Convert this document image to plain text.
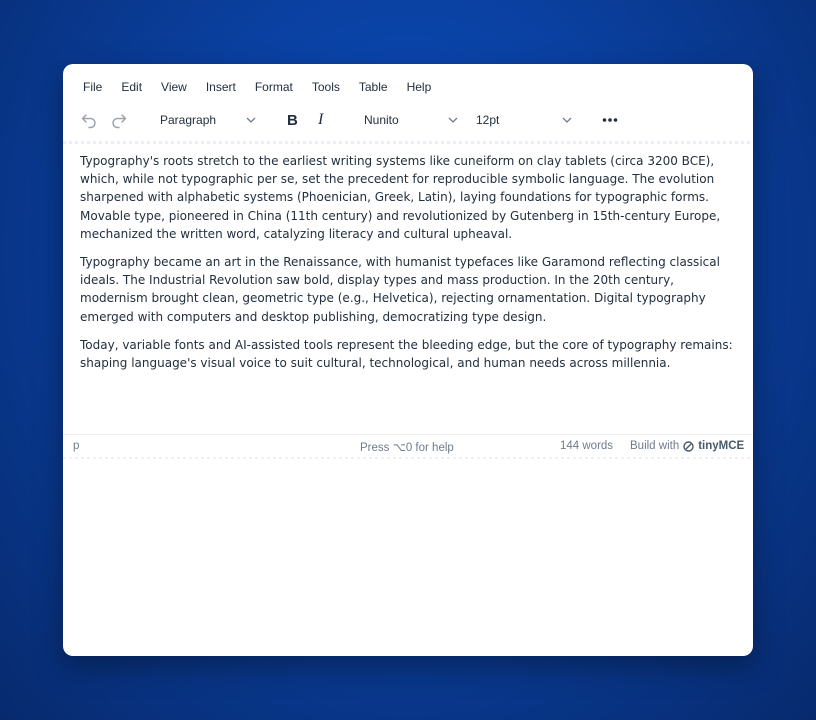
File	Edit	View	Insert	Format	Tools	Table	Help
Paragraph	B I	Nunito	12pt

Typography's roots stretch to the earliest writing systems like cuneiform on clay tablets (circa 3200 BCE), which, while not typographic per se, set the precedent for reproducible symbolic language. The evolution sharpened with alphabetic systems (Phoenician, Greek, Latin), laying foundations for typographic forms. Movable type, pioneered in China (11th century) and revolutionized by Gutenberg in 15th-century Europe, mechanized the written word, catalyzing literacy and cultural upheaval.

Typography became an art in the Renaissance, with humanist typefaces like Garamond reflecting classical ideals. The Industrial Revolution saw bold, display types and mass production. In the 20th century, modernism brought clean, geometric type (e.g., Helvetica), rejecting ornamentation. Digital typography emerged with computers and desktop publishing, democratizing type design.

Today, variable fonts and AI-assisted tools represent the bleeding edge, but the core of typography remains: shaping language's visual voice to suit cultural, technological, and human needs across millennia.

p	Press ⌥0 for help	144 words Build with tinyMCE
